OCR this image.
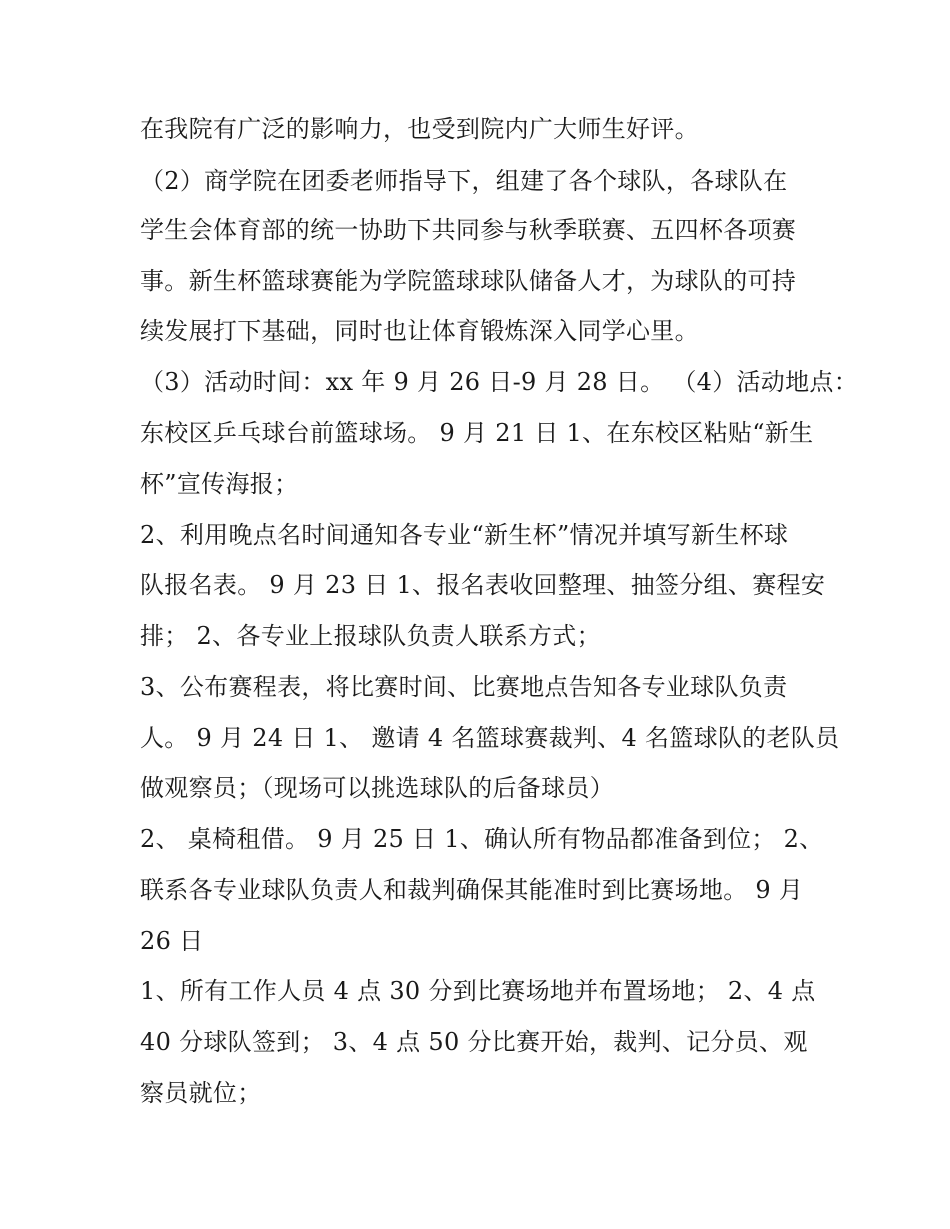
在我院有广泛的影响力，也受到院内广大师生好评。
（2）商学院在团委老师指导下，组建了各个球队，各球队在
学生会体育部的统一协助下共同参与秋季联赛、五四杯各项赛
事。新生杯篮球赛能为学院篮球球队储备人才，为球队的可持
续发展打下基础，同时也让体育锻炼深入同学心里。
（3）活动时间：xx 年 9 月 26 日-9 月 28 日。 （4）活动地点：
东校区乒乓球台前篮球场。 9 月 21 日 1、在东校区粘贴“新生
杯”宣传海报；
2、利用晚点名时间通知各专业“新生杯”情况并填写新生杯球
队报名表。 9 月 23 日 1、报名表收回整理、抽签分组、赛程安
排； 2、各专业上报球队负责人联系方式；
3、公布赛程表，将比赛时间、比赛地点告知各专业球队负责
人。 9 月 24 日 1、 邀请 4 名篮球赛裁判、4 名篮球队的老队员
做观察员；（现场可以挑选球队的后备球员）
2、 桌椅租借。 9 月 25 日 1、确认所有物品都准备到位； 2、
联系各专业球队负责人和裁判确保其能准时到比赛场地。 9 月
26 日
1、所有工作人员 4 点 30 分到比赛场地并布置场地； 2、4 点
40 分球队签到； 3、4 点 50 分比赛开始，裁判、记分员、观
察员就位；
